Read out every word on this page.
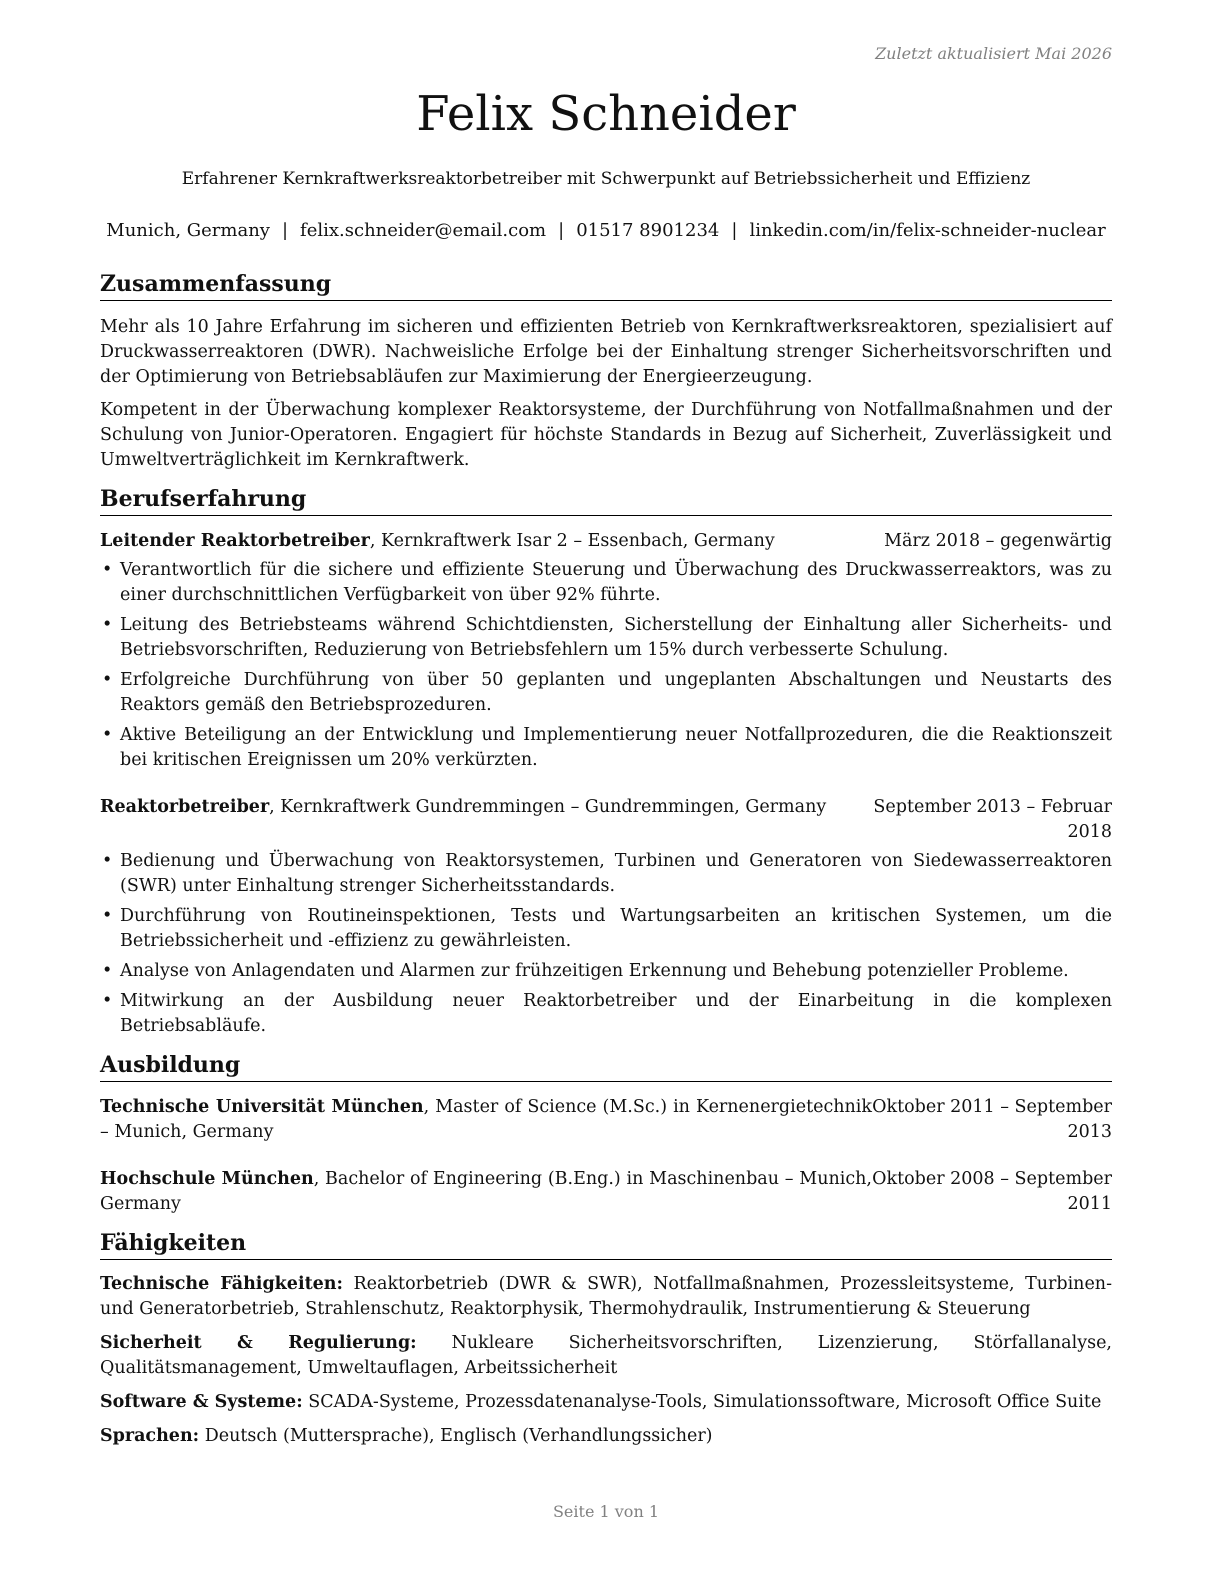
Zuletzt aktualisiert Mai 2026
Felix Schneider
Erfahrener Kernkraftwerksreaktorbetreiber mit Schwerpunkt auf Betriebssicherheit und Effizienz
Munich, Germany | felix.schneider@email.com | 01517 8901234 | linkedin.com/in/felix-schneider-nuclear
Zusammenfassung

Mehr als 10 Jahre Erfahrung im sicheren und effizienten Betrieb von Kernkraftwerksreaktoren, spezialisiert auf Druckwasserreaktoren (DWR). Nachweisliche Erfolge bei der Einhaltung strenger Sicherheitsvorschriften und der Optimierung von Betriebsabläufen zur Maximierung der Energieerzeugung.

Kompetent in der Überwachung komplexer Reaktorsysteme, der Durchführung von Notfallmaßnahmen und der Schulung von Junior-Operatoren. Engagiert für höchste Standards in Bezug auf Sicherheit, Zuverlässigkeit und Umweltverträglichkeit im Kernkraftwerk.

Berufserfahrung
Leitender Reaktorbetreiber, Kernkraftwerk Isar 2 – Essenbach, Germany	März 2018 – gegenwärtig
• Verantwortlich für die sichere und effiziente Steuerung und Überwachung des Druckwasserreaktors, was zu einer durchschnittlichen Verfügbarkeit von über 92% führte.
• Leitung des Betriebsteams während Schichtdiensten, Sicherstellung der Einhaltung aller Sicherheits- und Betriebsvorschriften, Reduzierung von Betriebsfehlern um 15% durch verbesserte Schulung.
• Erfolgreiche Durchführung von über 50 geplanten und ungeplanten Abschaltungen und Neustarts des Reaktors gemäß den Betriebsprozeduren.
• Aktive Beteiligung an der Entwicklung und Implementierung neuer Notfallprozeduren, die die Reaktionszeit bei kritischen Ereignissen um 20% verkürzten.
Reaktorbetreiber, Kernkraftwerk Gundremmingen – Gundremmingen, Germany	September 2013 – Februar 2018
• Bedienung und Überwachung von Reaktorsystemen, Turbinen und Generatoren von Siedewasserreaktoren (SWR) unter Einhaltung strenger Sicherheitsstandards.
• Durchführung von Routineinspektionen, Tests und Wartungsarbeiten an kritischen Systemen, um die Betriebssicherheit und -effizienz zu gewährleisten.
• Analyse von Anlagendaten und Alarmen zur frühzeitigen Erkennung und Behebung potenzieller Probleme.
• Mitwirkung an der Ausbildung neuer Reaktorbetreiber und der Einarbeitung in die komplexen Betriebsabläufe.
Ausbildung
Technische Universität München, Master of Science (M.Sc.) in Kernenergietechnik – Munich, Germany
Oktober 2011 – September 2013
Hochschule München, Bachelor of Engineering (B.Eng.) in Maschinenbau – Munich, Germany
Oktober 2008 – September 2011
Fähigkeiten

Technische Fähigkeiten: Reaktorbetrieb (DWR & SWR), Notfallmaßnahmen, Prozessleitsysteme, Turbinen- und Generatorbetrieb, Strahlenschutz, Reaktorphysik, Thermohydraulik, Instrumentierung & Steuerung

Sicherheit & Regulierung: Nukleare Sicherheitsvorschriften, Lizenzierung, Störfallanalyse, Qualitätsmanagement, Umweltauflagen, Arbeitssicherheit

Software & Systeme: SCADA-Systeme, Prozessdatenanalyse-Tools, Simulationssoftware, Microsoft Office Suite

Sprachen: Deutsch (Muttersprache), Englisch (Verhandlungssicher)

Seite 1 von 1
